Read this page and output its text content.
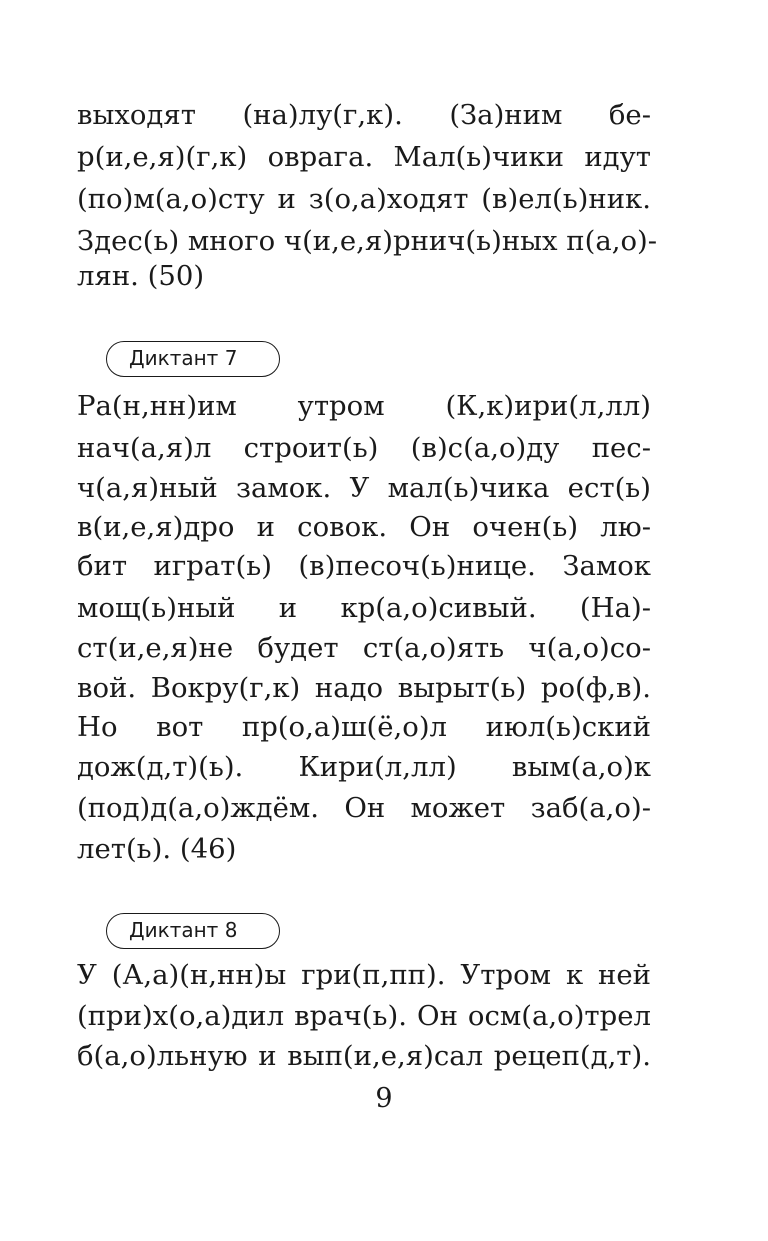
выходят (на)лу(г,к). (За)ним бе-
р(и,е,я)(г,к) оврага. Мал(ь)чики идут
(по)м(а,о)сту и з(о,а)ходят (в)ел(ь)ник.
Здес(ь) много ч(и,е,я)рнич(ь)ных п(а,о)-
лян. (50)
Диктант 7
Ра(н,нн)им утром (К,к)ири(л,лл)
нач(а,я)л строит(ь) (в)с(а,о)ду пес-
ч(а,я)ный замок. У мал(ь)чика ест(ь)
в(и,е,я)дро и совок. Он очен(ь) лю-
бит играт(ь) (в)песоч(ь)нице. Замок
мощ(ь)ный и кр(а,о)сивый. (На)-
ст(и,е,я)не будет ст(а,о)ять ч(а,о)со-
вой. Вокру(г,к) надо вырыт(ь) ро(ф,в).
Но вот пр(о,а)ш(ё,о)л июл(ь)ский
дож(д,т)(ь). Кири(л,лл) вым(а,о)к
(под)д(а,о)ждём. Он может заб(а,о)-
лет(ь). (46)
Диктант 8
У (А,а)(н,нн)ы гри(п,пп). Утром к ней
(при)х(о,а)дил врач(ь). Он осм(а,о)трел
б(а,о)льную и вып(и,е,я)сал рецеп(д,т).
9
